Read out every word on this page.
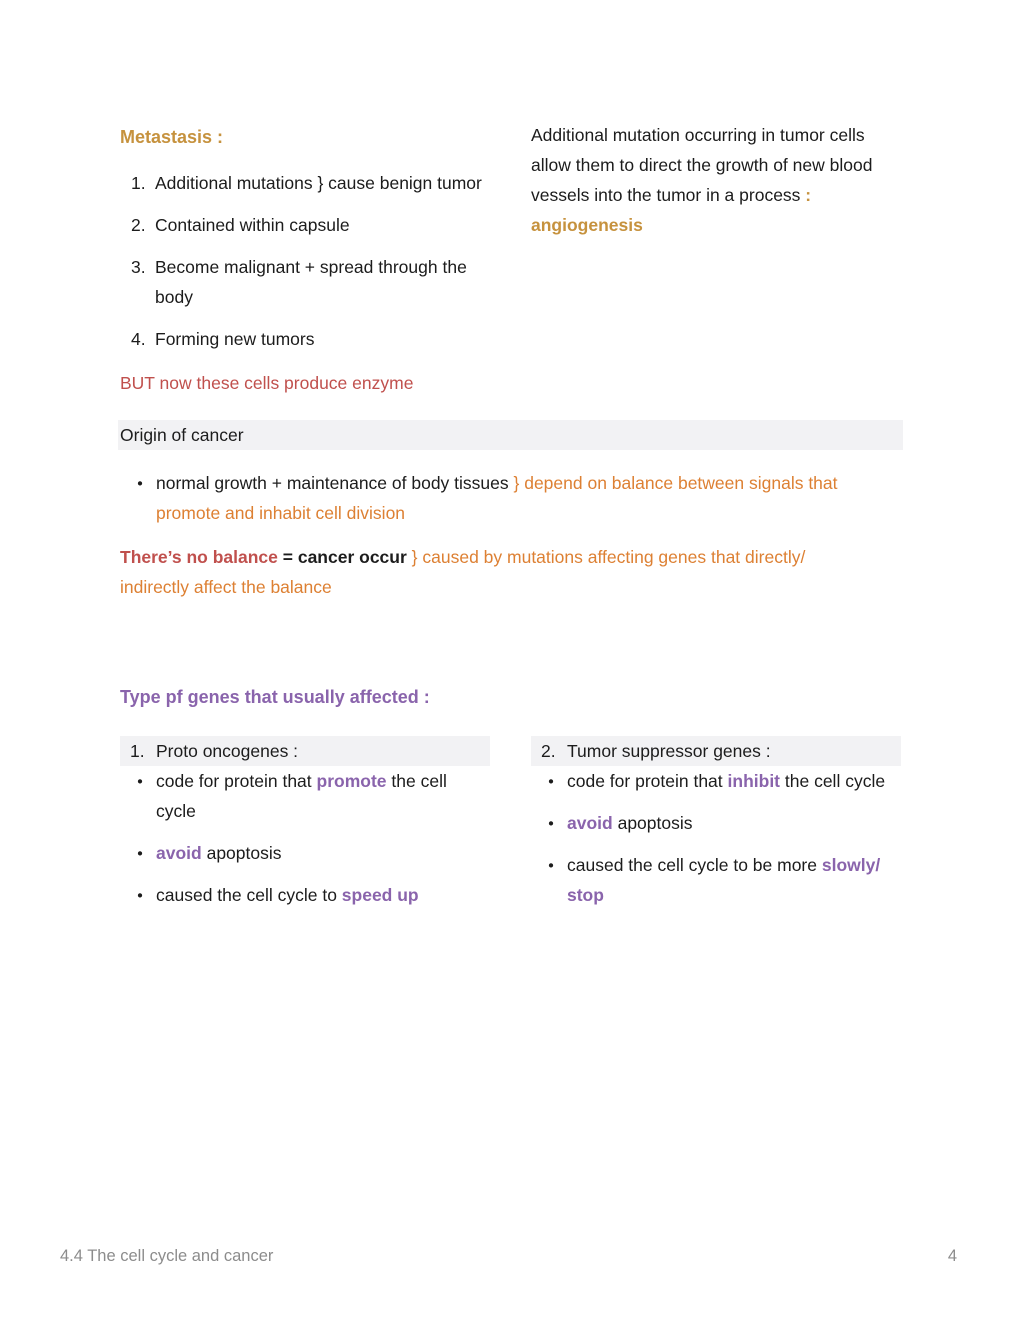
Metastasis :
1. Additional mutations } cause benign tumor
2. Contained within capsule
3. Become malignant + spread through the body
4. Forming new tumors
Additional mutation occurring in tumor cells allow them to direct the growth of new blood vessels into the tumor in a process : angiogenesis
BUT now these cells produce enzyme
Origin of cancer
• normal growth + maintenance of body tissues } depend on balance between signals that promote and inhabit cell division
There’s no balance = cancer occur } caused by mutations affecting genes that directly/ indirectly affect the balance
Type pf genes that usually affected :
1. Proto oncogenes :
• code for protein that promote the cell cycle
• avoid apoptosis
• caused the cell cycle to speed up
2. Tumor suppressor genes :
• code for protein that inhibit the cell cycle
• avoid apoptosis
• caused the cell cycle to be more slowly/ stop
4.4 The cell cycle and cancer	4
